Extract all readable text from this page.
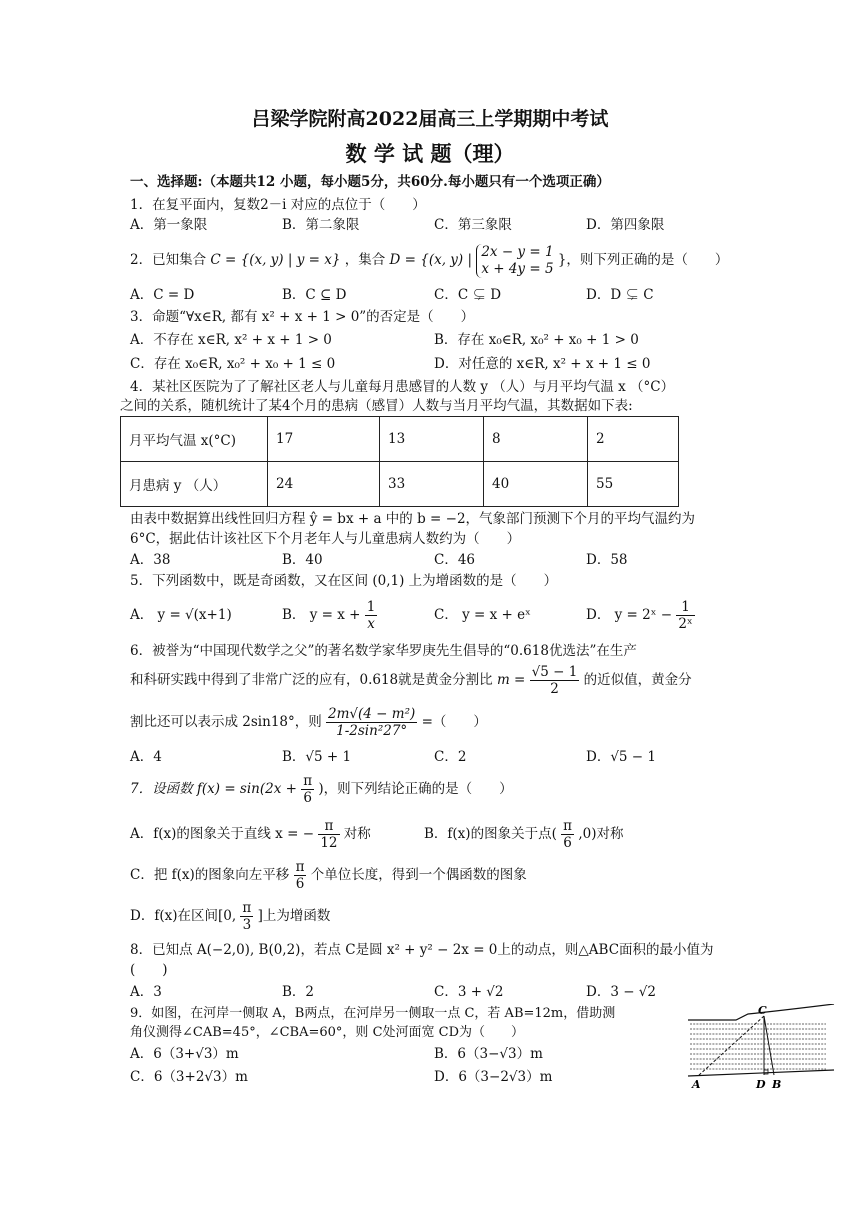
吕梁学院附高2022届高三上学期期中考试
数 学 试 题（理）
一、选择题:（本题共12 小题，每小题5分，共60分.每小题只有一个选项正确）
1．在复平面内，复数2－i 对应的点位于（　　）
A．第一象限	B．第二象限	C．第三象限	D．第四象限
2．已知集合 C = {(x, y) | y = x} ，集合 D = {(x, y) |
2x − y = 1
x + 4y = 5
}，则下列正确的是（　　）
A．C = D	B．C ⊆ D	C．C ⊊ D	D．D ⊊ C
3．命题“∀x∈R, 都有 x² + x + 1 > 0”的否定是（　　）
A．不存在 x∈R, x² + x + 1 > 0	B．存在 x₀∈R, x₀² + x₀ + 1 > 0
C．存在 x₀∈R, x₀² + x₀ + 1 ≤ 0	D．对任意的 x∈R, x² + x + 1 ≤ 0
4．某社区医院为了了解社区老人与儿童每月患感冒的人数 y （人）与月平均气温 x （°C）
之间的关系，随机统计了某4个月的患病（感冒）人数与当月平均气温，其数据如下表:
月平均气温 x(°C)	17	13	8	2
月患病 y （人）	24	33	40	55
由表中数据算出线性回归方程 ŷ = bx + a 中的 b = −2，气象部门预测下个月的平均气温约为
6°C，据此估计该社区下个月老年人与儿童患病人数约为（　　）
A．38	B．40	C．46	D．58
5．下列函数中，既是奇函数，又在区间 (0,1) 上为增函数的是（　　）
A． y = √(x+1)	B． $y = x + \frac{1}{x}$	C． y = x + eˣ	D． y = 2ˣ − $\frac{1}{\text{2ˣ}}$
6．被誉为“中国现代数学之父”的著名数学家华罗庚先生倡导的“0.618优选法”在生产
和科研实践中得到了非常广泛的应有，0.618就是黄金分割比 $m = \frac{√5 - 1}{2}$ 的近似值，黄金分
割比还可以表示成 2sin18°，则 $\frac{\text{2m√(4 − m²)}}{\text{1-2sin²27°}}$ =（　　）
A．4	B．√5 + 1	C．2	D．√5 − 1
7．设函数 $f(x) = \sin(2x + \frac{\pi}{6}$ )，则下列结论正确的是（　　）
A．f(x)的图象关于直线 x = − $\frac{\pi}{12}$ 对称	B．f(x)的图象关于点( $\frac{\pi}{6} ,0$)对称
C．把 f(x)的图象向左平移 $\frac{\pi}{6}$ 个单位长度，得到一个偶函数的图象
D．f(x)在区间[0, $\frac{\pi}{3}$ ]上为增函数
8．已知点 A(−2,0), B(0,2)，若点 C是圆 x² + y² − 2x = 0上的动点，则△ABC面积的最小值为
(　　)
A．3	B．2	C．3 + √2	D．3 − √2
9．如图，在河岸一侧取 A，B两点，在河岸另一侧取一点 C，若 AB=12m，借助测
角仪测得∠CAB=45°，∠CBA=60°，则 C处河面宽 CD为（　　）
A．6（3+√3）m	B．6（3−√3）m
C．6（3+2√3）m	D．6（3−2√3）m
C
A	D B
